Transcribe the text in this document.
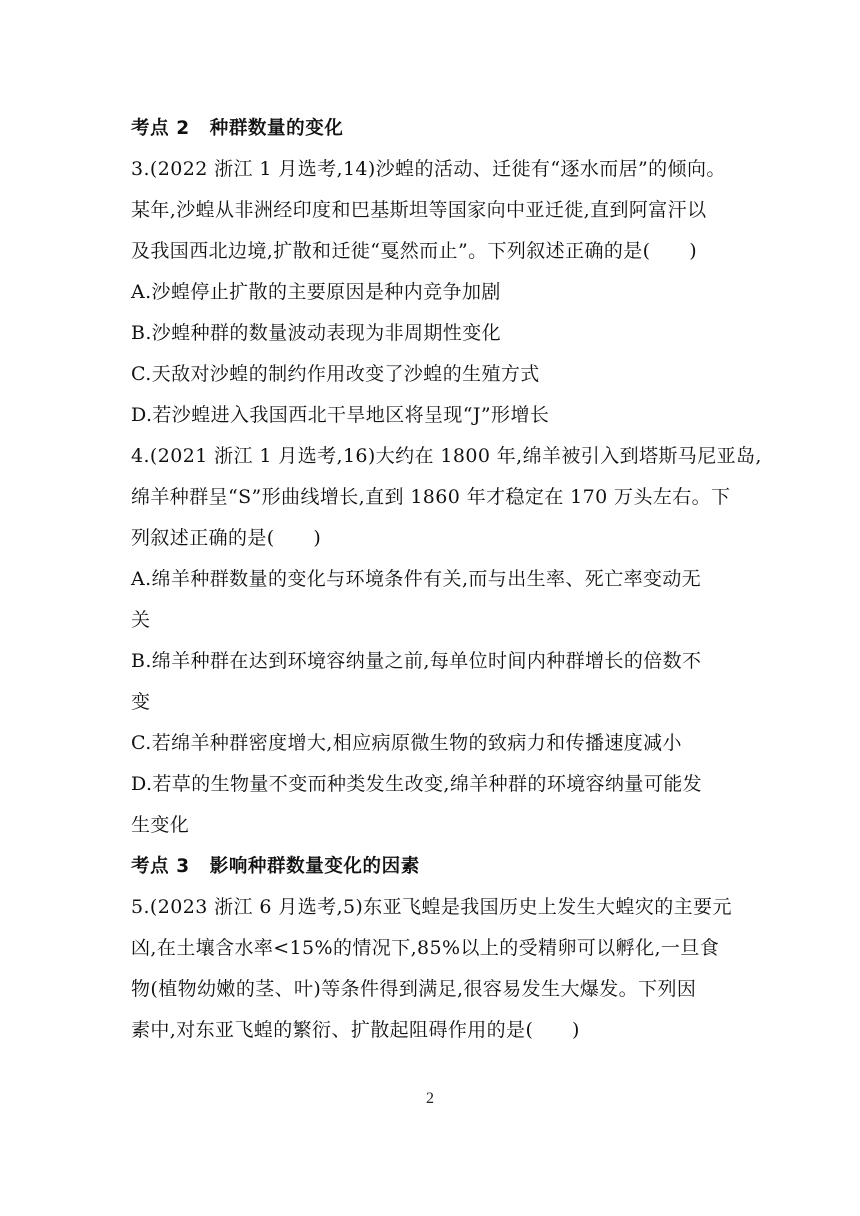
考点 2 种群数量的变化
3.(2022 浙江 1 月选考,14)沙蝗的活动、迁徙有“逐水而居”的倾向。
某年,沙蝗从非洲经印度和巴基斯坦等国家向中亚迁徙,直到阿富汗以
及我国西北边境,扩散和迁徙“戛然而止”。下列叙述正确的是(　　)
A.沙蝗停止扩散的主要原因是种内竞争加剧
B.沙蝗种群的数量波动表现为非周期性变化
C.天敌对沙蝗的制约作用改变了沙蝗的生殖方式
D.若沙蝗进入我国西北干旱地区将呈现“J”形增长
4.(2021 浙江 1 月选考,16)大约在 1800 年,绵羊被引入到塔斯马尼亚岛,
绵羊种群呈“S”形曲线增长,直到 1860 年才稳定在 170 万头左右。下
列叙述正确的是(　　)
A.绵羊种群数量的变化与环境条件有关,而与出生率、死亡率变动无
关
B.绵羊种群在达到环境容纳量之前,每单位时间内种群增长的倍数不
变
C.若绵羊种群密度增大,相应病原微生物的致病力和传播速度减小
D.若草的生物量不变而种类发生改变,绵羊种群的环境容纳量可能发
生变化
考点 3 影响种群数量变化的因素
5.(2023 浙江 6 月选考,5)东亚飞蝗是我国历史上发生大蝗灾的主要元
凶,在土壤含水率<15%的情况下,85%以上的受精卵可以孵化,一旦食
物(植物幼嫩的茎、叶)等条件得到满足,很容易发生大爆发。下列因
素中,对东亚飞蝗的繁衍、扩散起阻碍作用的是(　　)
2
